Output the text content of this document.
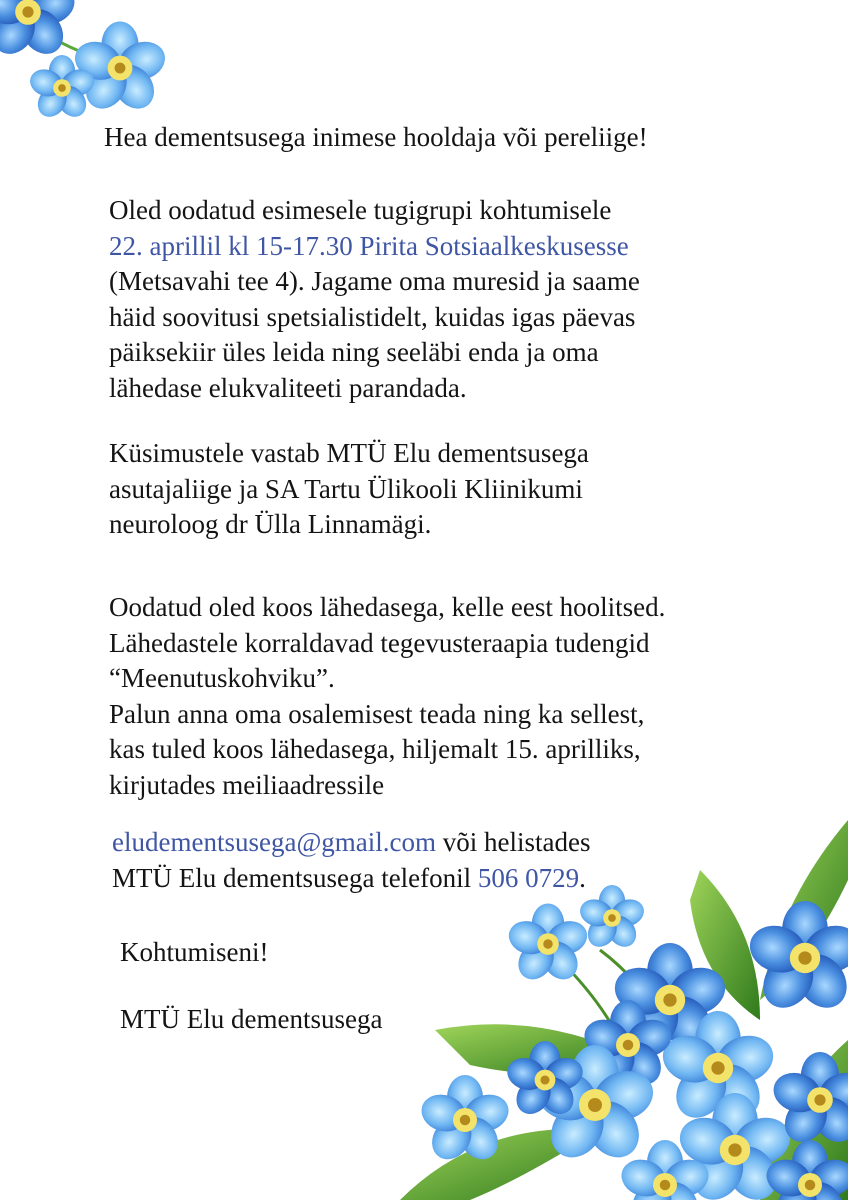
Hea dementsusega inimese hooldaja või pereliige!

Oled oodatud esimesele tugigrupi kohtumisele
22. aprillil kl 15-17.30 Pirita Sotsiaalkeskusesse
(Metsavahi tee 4). Jagame oma muresid ja saame
häid soovitusi spetsialistidelt, kuidas igas päevas
päiksekiir üles leida ning seeläbi enda ja oma
lähedase elukvaliteeti parandada.
Küsimustele vastab MTÜ Elu dementsusega
asutajaliige ja SA Tartu Ülikooli Kliinikumi
neuroloog dr Ülla Linnamägi.
Oodatud oled koos lähedasega, kelle eest hoolitsed.
Lähedastele korraldavad tegevusteraapia tudengid
“Meenutuskohviku”.
Palun anna oma osalemisest teada ning ka sellest,
kas tuled koos lähedasega, hiljemalt 15. aprilliks,
kirjutades meiliaadressile
eludementsusega@gmail.com või helistades
MTÜ Elu dementsusega telefonil 506 0729.

Kohtumiseni!

MTÜ Elu dementsusega
